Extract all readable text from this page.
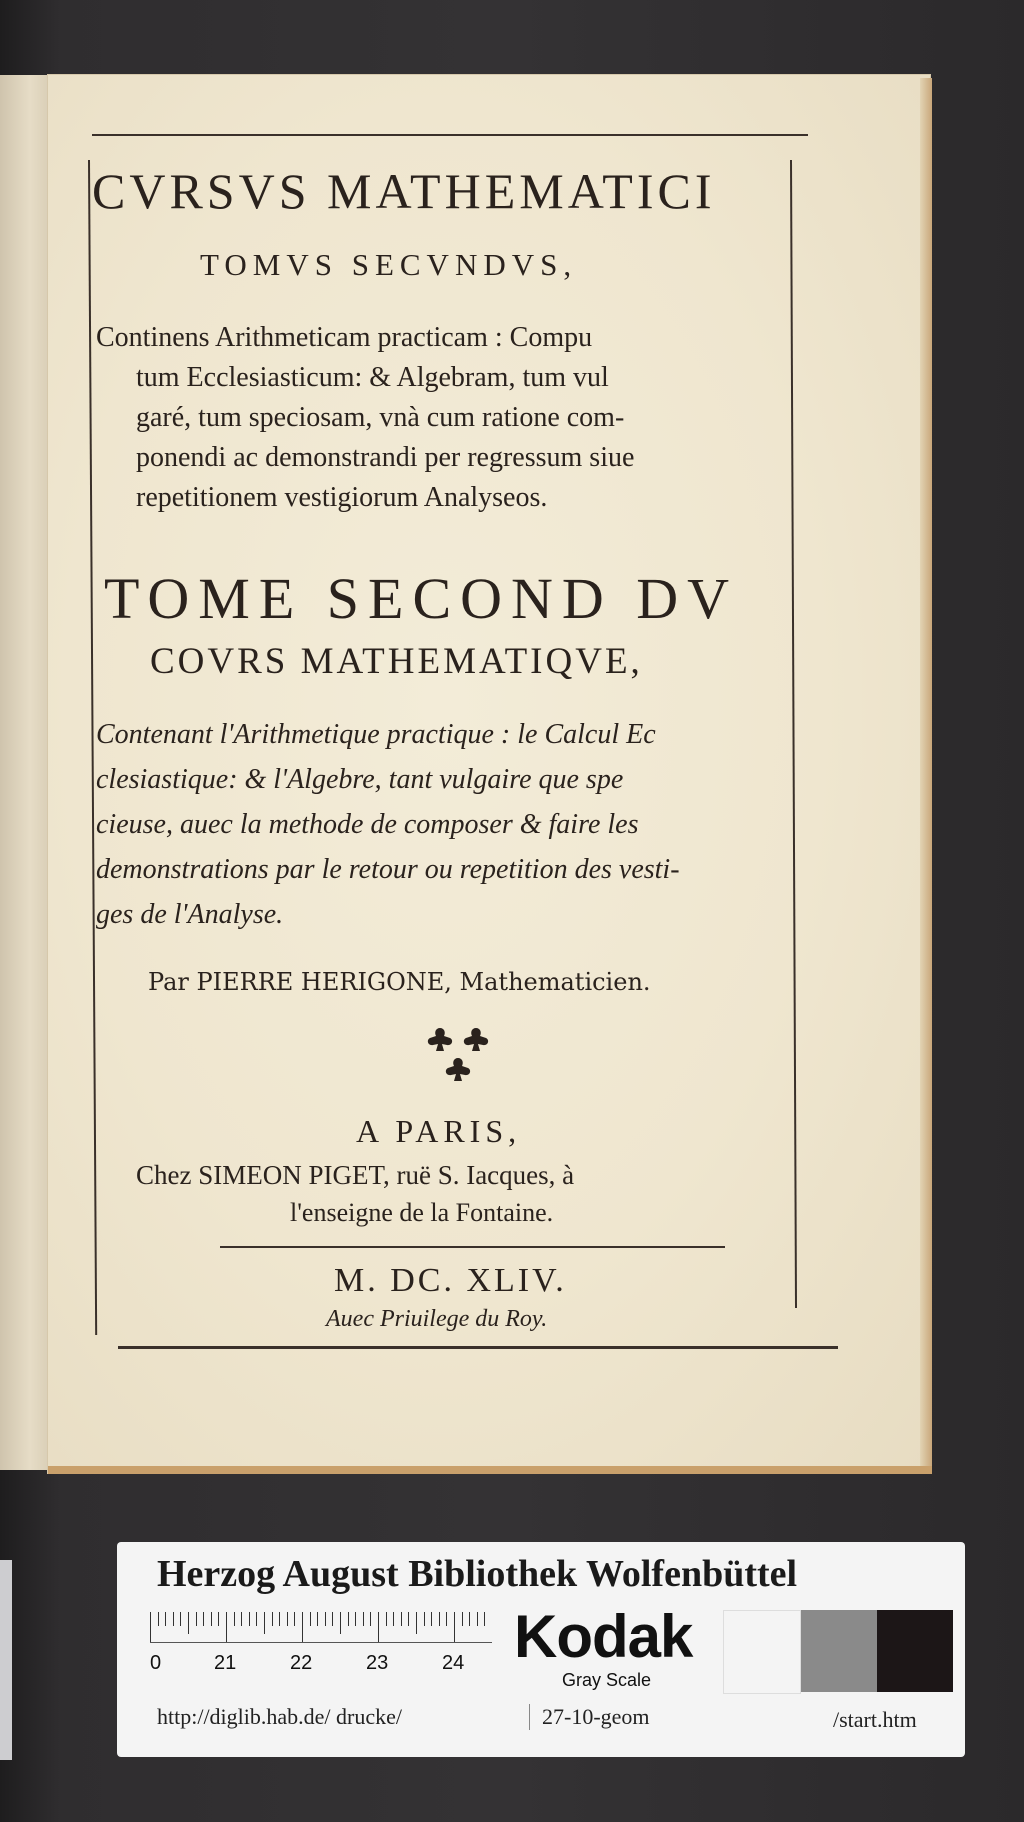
CVRSVS MATHEMATICI
TOMVS SECVNDVS,
Continens Arithmeticam practicam : Compu
tum Ecclesiasticum: & Algebram, tum vul
garé, tum speciosam, vnà cum ratione com-
ponendi ac demonstrandi per regressum siue
repetitionem vestigiorum Analyseos.
TOME SECOND DV
COVRS MATHEMATIQVE,
Contenant l'Arithmetique practique : le Calcul Ec
clesiastique: & l'Algebre, tant vulgaire que spe
cieuse, auec la methode de composer & faire les
demonstrations par le retour ou repetition des vesti-
ges de l'Analyse.
Par PIERRE HERIGONE, Mathematicien.
A PARIS,
Chez SIMEON PIGET, ruë S. Iacques, à
l'enseigne de la Fontaine.
M. DC. XLIV.
Auec Priuilege du Roy.
Herzog August Bibliothek Wolfenbüttel
0	21	22	23	24 Kodak
Gray Scale
http://diglib.hab.de/ drucke/	27-10-geom	/start.htm
